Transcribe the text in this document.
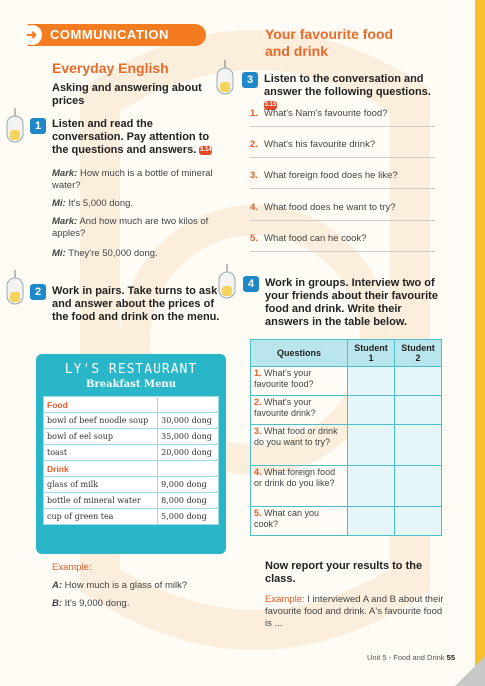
➜ COMMUNICATION
Everyday English
Asking and answering about prices
1 Listen and read the conversation. Pay attention to the questions and answers. 3.14
Mark: How much is a bottle of mineral water?
Mi: It's 5,000 dong.
Mark: And how much are two kilos of apples?
Mi: They're 50,000 dong.
2 Work in pairs. Take turns to ask and answer about the prices of the food and drink on the menu.
LY'S RESTAURANT
Breakfast Menu
Food	
bowl of beef noodle soup	30,000 dong
bowl of eel soup	35,000 dong
toast	20,000 dong
Drink	
glass of milk	9,000 dong
bottle of mineral water	8,000 dong
cup of green tea	5,000 dong
Example:
A: How much is a glass of milk?
B: It's 9,000 dong.
Your favourite food and drink
3 Listen to the conversation and answer the following questions. 3.15
1. What's Nam's favourite food?
2. What's his favourite drink?
3. What foreign food does he like?
4. What food does he want to try?
5. What food can he cook?
4 Work in groups. Interview two of your friends about their favourite food and drink. Write their answers in the table below.
Questions	Student 1	Student 2
1. What's your favourite food?		
2. What's your favourite drink?		
3. What food or drink do you want to try?		
4. What foreign food or drink do you like?		
5. What can you cook?		
Now report your results to the class.
Example: I interviewed A and B about their favourite food and drink. A's favourite food is ...
Unit 5 - Food and Drink 55
